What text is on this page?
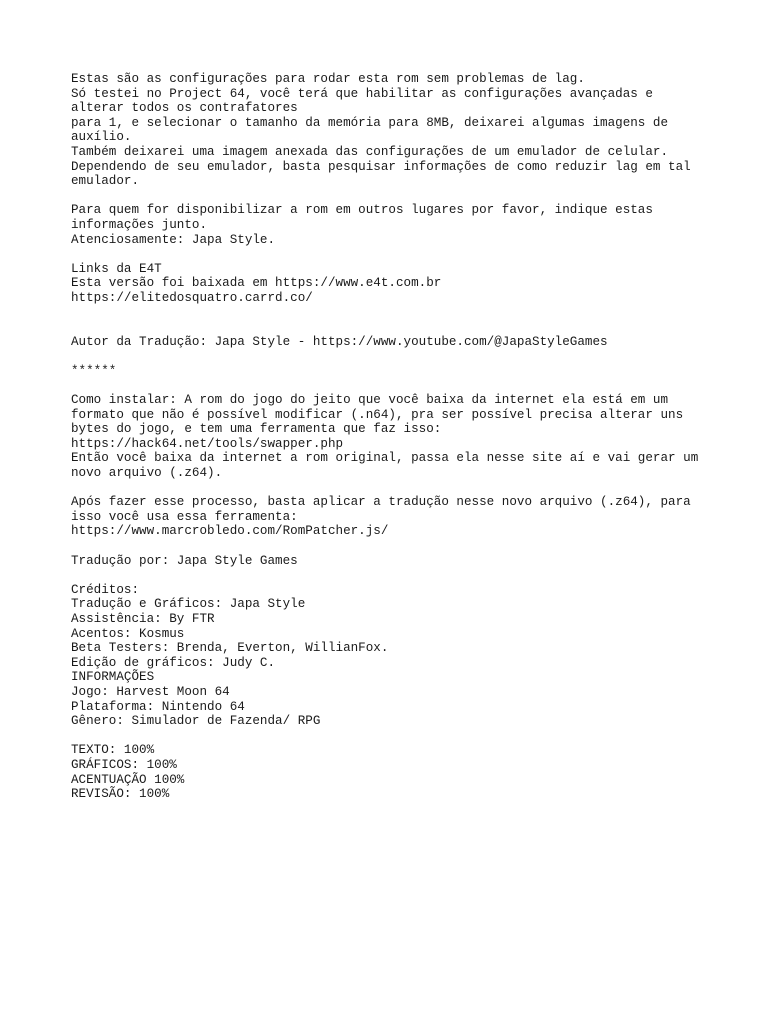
Estas são as configurações para rodar esta rom sem problemas de lag.
Só testei no Project 64, você terá que habilitar as configurações avançadas e
alterar todos os contrafatores
para 1, e selecionar o tamanho da memória para 8MB, deixarei algumas imagens de
auxílio.
Também deixarei uma imagem anexada das configurações de um emulador de celular.
Dependendo de seu emulador, basta pesquisar informações de como reduzir lag em tal
emulador.
Para quem for disponibilizar a rom em outros lugares por favor, indique estas
informações junto.
Atenciosamente: Japa Style.
Links da E4T
Esta versão foi baixada em https://www.e4t.com.br
https://elitedosquatro.carrd.co/
Autor da Tradução: Japa Style - https://www.youtube.com/@JapaStyleGames
******
Como instalar: A rom do jogo do jeito que você baixa da internet ela está em um
formato que não é possível modificar (.n64), pra ser possível precisa alterar uns
bytes do jogo, e tem uma ferramenta que faz isso:
https://hack64.net/tools/swapper.php
Então você baixa da internet a rom original, passa ela nesse site aí e vai gerar um
novo arquivo (.z64).
Após fazer esse processo, basta aplicar a tradução nesse novo arquivo (.z64), para
isso você usa essa ferramenta:
https://www.marcrobledo.com/RomPatcher.js/
Tradução por: Japa Style Games
Créditos:
Tradução e Gráficos: Japa Style
Assistência: By FTR
Acentos: Kosmus
Beta Testers: Brenda, Everton, WillianFox.
Edição de gráficos: Judy C.
INFORMAÇÕES
Jogo: Harvest Moon 64
Plataforma: Nintendo 64
Gênero: Simulador de Fazenda/ RPG
TEXTO: 100%
GRÁFICOS: 100%
ACENTUAÇÃO 100%
REVISÃO: 100%
